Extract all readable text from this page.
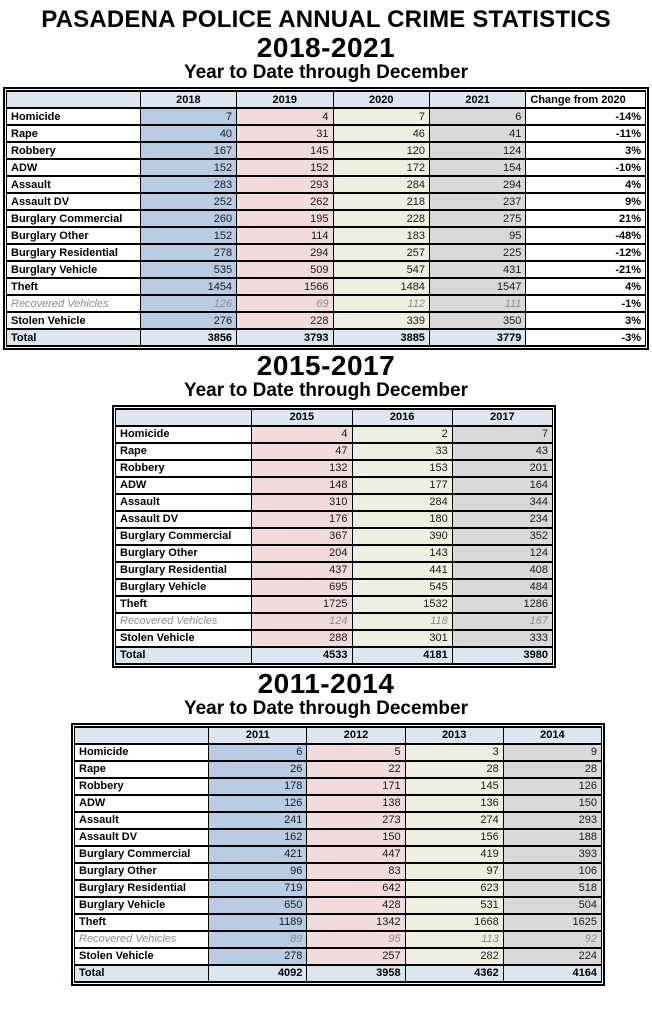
PASADENA POLICE ANNUAL CRIME STATISTICS
2018-2021
Year to Date through December
	2018	2019	2020	2021	Change from 2020
Homicide	7	4	7	6	-14%
Rape	40	31	46	41	-11%
Robbery	167	145	120	124	3%
ADW	152	152	172	154	-10%
Assault	283	293	284	294	4%
Assault DV	252	262	218	237	9%
Burglary Commercial	260	195	228	275	21%
Burglary Other	152	114	183	95	-48%
Burglary Residential	278	294	257	225	-12%
Burglary Vehicle	535	509	547	431	-21%
Theft	1454	1566	1484	1547	4%
Recovered Vehicles	126	69	112	111	-1%
Stolen Vehicle	276	228	339	350	3%
Total	3856	3793	3885	3779	-3%
2015-2017
Year to Date through December
	2015	2016	2017
Homicide	4	2	7
Rape	47	33	43
Robbery	132	153	201
ADW	148	177	164
Assault	310	284	344
Assault DV	176	180	234
Burglary Commercial	367	390	352
Burglary Other	204	143	124
Burglary Residential	437	441	408
Burglary Vehicle	695	545	484
Theft	1725	1532	1286
Recovered Vehicles	124	118	167
Stolen Vehicle	288	301	333
Total	4533	4181	3980
2011-2014
Year to Date through December
	2011	2012	2013	2014
Homicide	6	5	3	9
Rape	26	22	28	28
Robbery	178	171	145	126
ADW	126	138	136	150
Assault	241	273	274	293
Assault DV	162	150	156	188
Burglary Commercial	421	447	419	393
Burglary Other	96	83	97	106
Burglary Residential	719	642	623	518
Burglary Vehicle	650	428	531	504
Theft	1189	1342	1668	1625
Recovered Vehicles	89	95	113	92
Stolen Vehicle	278	257	282	224
Total	4092	3958	4362	4164
